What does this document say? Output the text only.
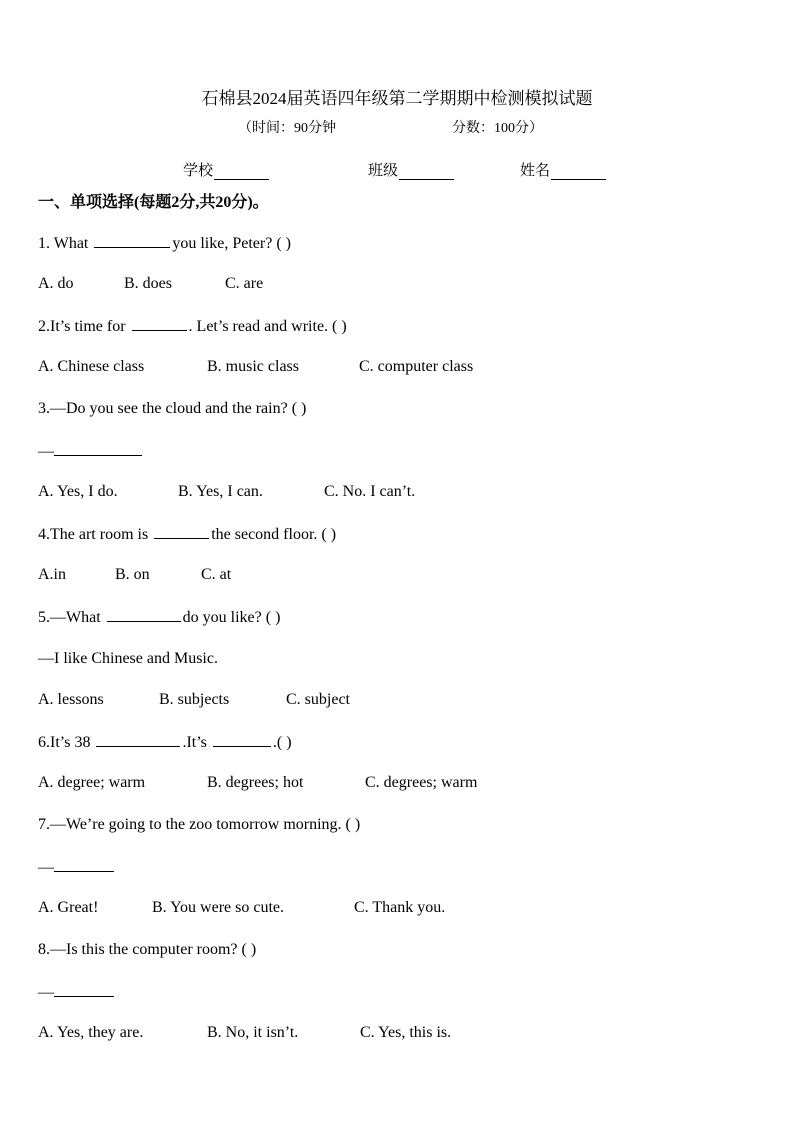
石棉县2024届英语四年级第二学期期中检测模拟试题
（时间：90分钟	分数：100分）
学校	班级	姓名
一、单项选择(每题2分,共20分)。
1. What	you like, Peter? ( )
A. do	B. does	C. are
2.It’s time for	. Let’s read and write. ( )
A. Chinese class	B. music class	C. computer class
3.—Do you see the cloud and the rain? ( )
—
A. Yes, I do.	B. Yes, I can.	C. No. I can’t.
4.The art room is	the second floor. ( )
A.in	B. on	C. at
5.—What	do you like? ( )
—I like Chinese and Music.
A. lessons	B. subjects	C. subject
6.It’s 38	.It’s	.( )
A. degree; warm	B. degrees; hot	C. degrees; warm
7.—We’re going to the zoo tomorrow morning. ( )
—
A. Great!	B. You were so cute.	C. Thank you.
8.—Is this the computer room? ( )
—
A. Yes, they are.	B. No, it isn’t.	C. Yes, this is.
